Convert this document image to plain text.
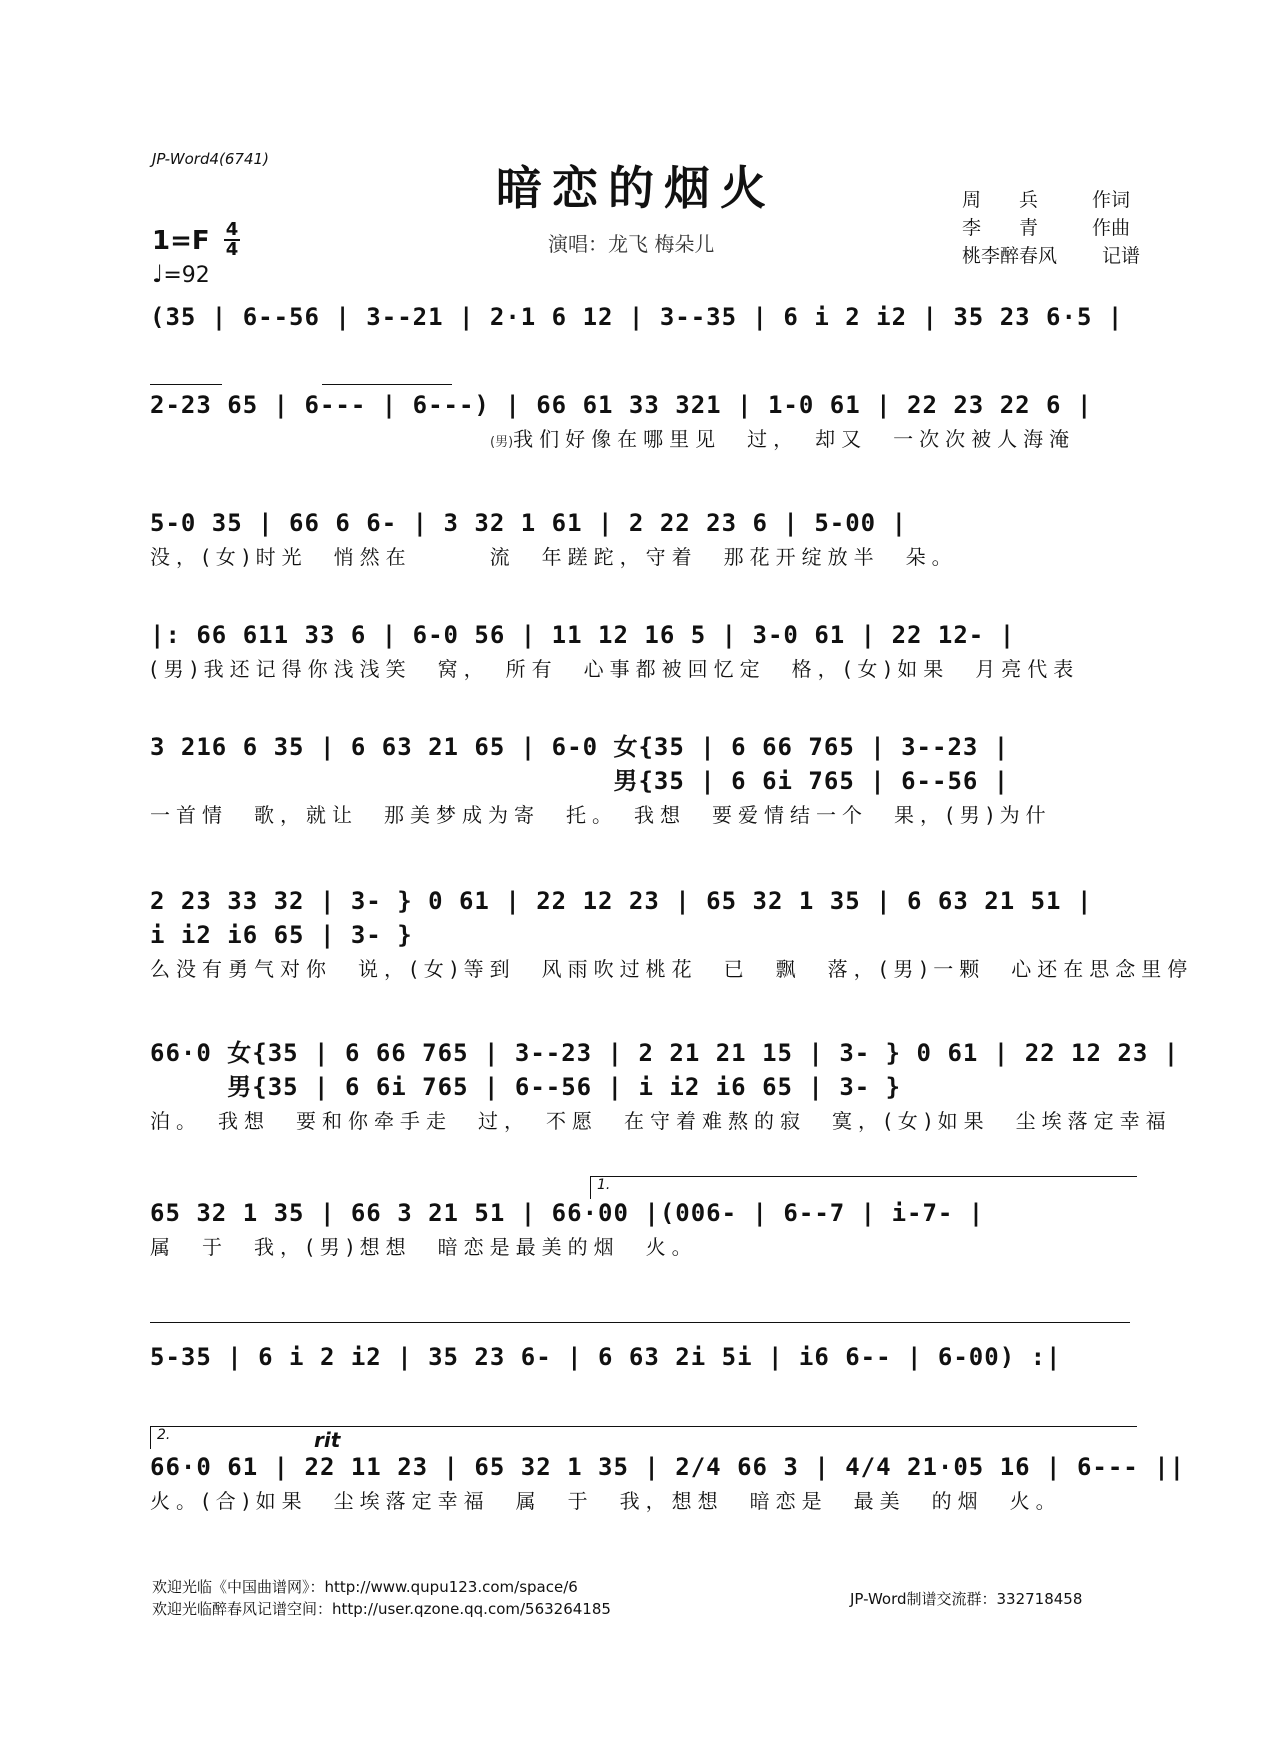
JP-Word4(6741)
暗恋的烟火
演唱：龙飞 梅朵儿
周　　兵	作词
李　　青	作曲
桃李醉春风 记谱
1=F 4
4
♩=92
(35 | 6--56 | 3--21 | 2·1 6 12 | 3--35 | 6 i 2 i2 | 35 23 6·5 |
2-23 65 | 6--- | 6---) | 66 61 33 321 | 1-0 61 | 22 23 22 6 |
(男)我们好像在哪里见　过，　却又　一次次被人海淹
5-0 35 | 66 6 6- | 3 32 1 61 | 2 22 23 6 | 5-00 |
没，(女)时光　悄然在　　　流　年蹉跎，守着　那花开绽放半　朵。
|: 66 611 33 6 | 6-0 56 | 11 12 16 5 | 3-0 61 | 22 12- |
(男)我还记得你浅浅笑　窝，　所有　心事都被回忆定　格，(女)如果　月亮代表
3 216 6 35 | 6 63 21 65 | 6-0 女{35 | 6 66 765 | 3--23 |
男{35 | 6 6i 765 | 6--56 |
一首情　歌，就让　那美梦成为寄　托。　我想　要爱情结一个　果，(男)为什
2 23 33 32 | 3- } 0 61 | 22 12 23 | 65 32 1 35 | 6 63 21 51 |
i i2 i6 65 | 3- }
么没有勇气对你　说，(女)等到　风雨吹过桃花　已　飘　落，(男)一颗　心还在思念里停
66·0 女{35 | 6 66 765 | 3--23 | 2 21 21 15 | 3- } 0 61 | 22 12 23 |
男{35 | 6 6i 765 | 6--56 | i i2 i6 65 | 3- }
泊。　我想　要和你牵手走　过，　不愿　在守着难熬的寂　寞，(女)如果　尘埃落定幸福
1.
65 32 1 35 | 66 3 21 51 | 66·00 |(006- | 6--7 | i-7- |
属　于　我，(男)想想　暗恋是最美的烟　火。
5-35 | 6 i 2 i2 | 35 23 6- | 6 63 2i 5i | i6 6-- | 6-00) :|
2.	rit
66·0 61 | 22 11 23 | 65 32 1 35 | 2/4 66 3 | 4/4 21·05 16 | 6--- ||
火。(合)如果　尘埃落定幸福　属　于　我，想想　暗恋是　最美　的烟　火。
欢迎光临《中国曲谱网》：http://www.qupu123.com/space/6
欢迎光临醉春风记谱空间：http://user.qzone.qq.com/563264185
JP-Word制谱交流群：332718458
